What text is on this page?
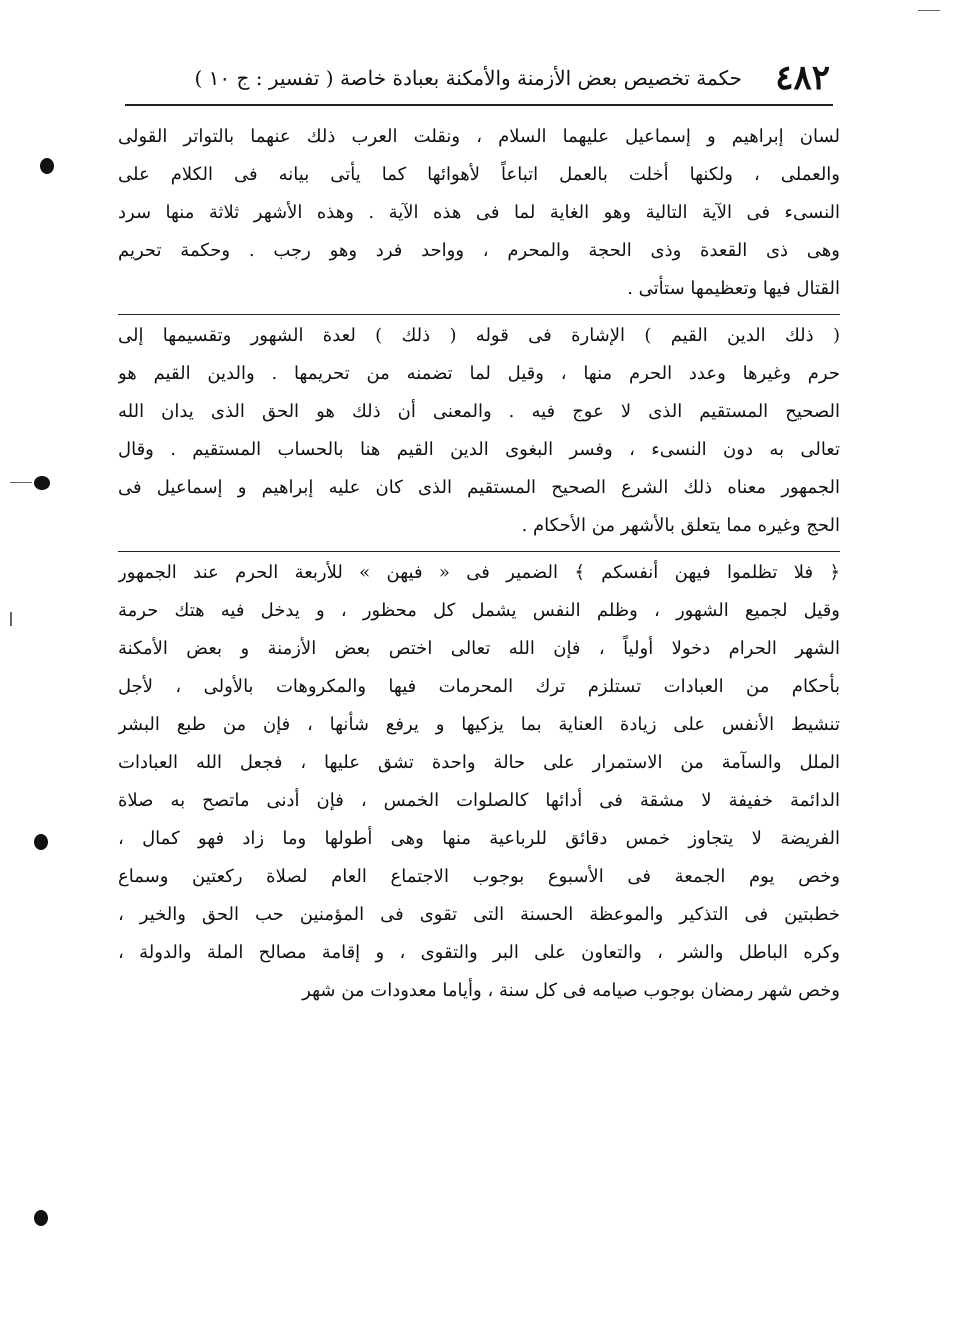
٤٨٢
حكمة تخصيص بعض الأزمنة والأمكنة بعبادة خاصة ( تفسير : ج ١٠ )
لسان إبراهيم و إسماعيل عليهما السلام ، ونقلت العرب ذلك عنهما بالتواتر القولى
والعملى ، ولكنها أخلت بالعمل اتباعاً لأهوائها كما يأتى بيانه فى الكلام على
النسىء فى الآية التالية وهو الغاية لما فى هذه الآية . وهذه الأشهر ثلاثة منها سرد
وهى ذى القعدة وذى الحجة والمحرم ، وواحد فرد وهو رجب . وحكمة تحريم
القتال فيها وتعظيمها ستأتى .
( ذلك الدين القيم ) الإشارة فى قوله ( ذلك ) لعدة الشهور وتقسيمها إلى
حرم وغيرها وعدد الحرم منها ، وقيل لما تضمنه من تحريمها . والدين القيم هو
الصحيح المستقيم الذى لا عوج فيه . والمعنى أن ذلك هو الحق الذى يدان الله
تعالى به دون النسىء ، وفسر البغوى الدين القيم هنا بالحساب المستقيم . وقال
الجمهور معناه ذلك الشرع الصحيح المستقيم الذى كان عليه إبراهيم و إسماعيل فى
الحج وغيره مما يتعلق بالأشهر من الأحكام .
﴿ فلا تظلموا فيهن أنفسكم ﴾ الضمير فى « فيهن » للأربعة الحرم عند الجمهور
وقيل لجميع الشهور ، وظلم النفس يشمل كل محظور ، و يدخل فيه هتك حرمة
الشهر الحرام دخولا أولياً ، فإن الله تعالى اختص بعض الأزمنة و بعض الأمكنة
بأحكام من العبادات تستلزم ترك المحرمات فيها والمكروهات بالأولى ، لأجل
تنشيط الأنفس على زيادة العناية بما يزكيها و يرفع شأنها ، فإن من طبع البشر
الملل والسآمة من الاستمرار على حالة واحدة تشق عليها ، فجعل الله العبادات
الدائمة خفيفة لا مشقة فى أدائها كالصلوات الخمس ، فإن أدنى ماتصح به صلاة
الفريضة لا يتجاوز خمس دقائق للرباعية منها وهى أطولها وما زاد فهو كمال ،
وخص يوم الجمعة فى الأسبوع بوجوب الاجتماع العام لصلاة ركعتين وسماع
خطبتين فى التذكير والموعظة الحسنة التى تقوى فى المؤمنين حب الحق والخير ،
وكره الباطل والشر ، والتعاون على البر والتقوى ، و إقامة مصالح الملة والدولة ،
وخص شهر رمضان بوجوب صيامه فى كل سنة ، وأياما معدودات من شهر
